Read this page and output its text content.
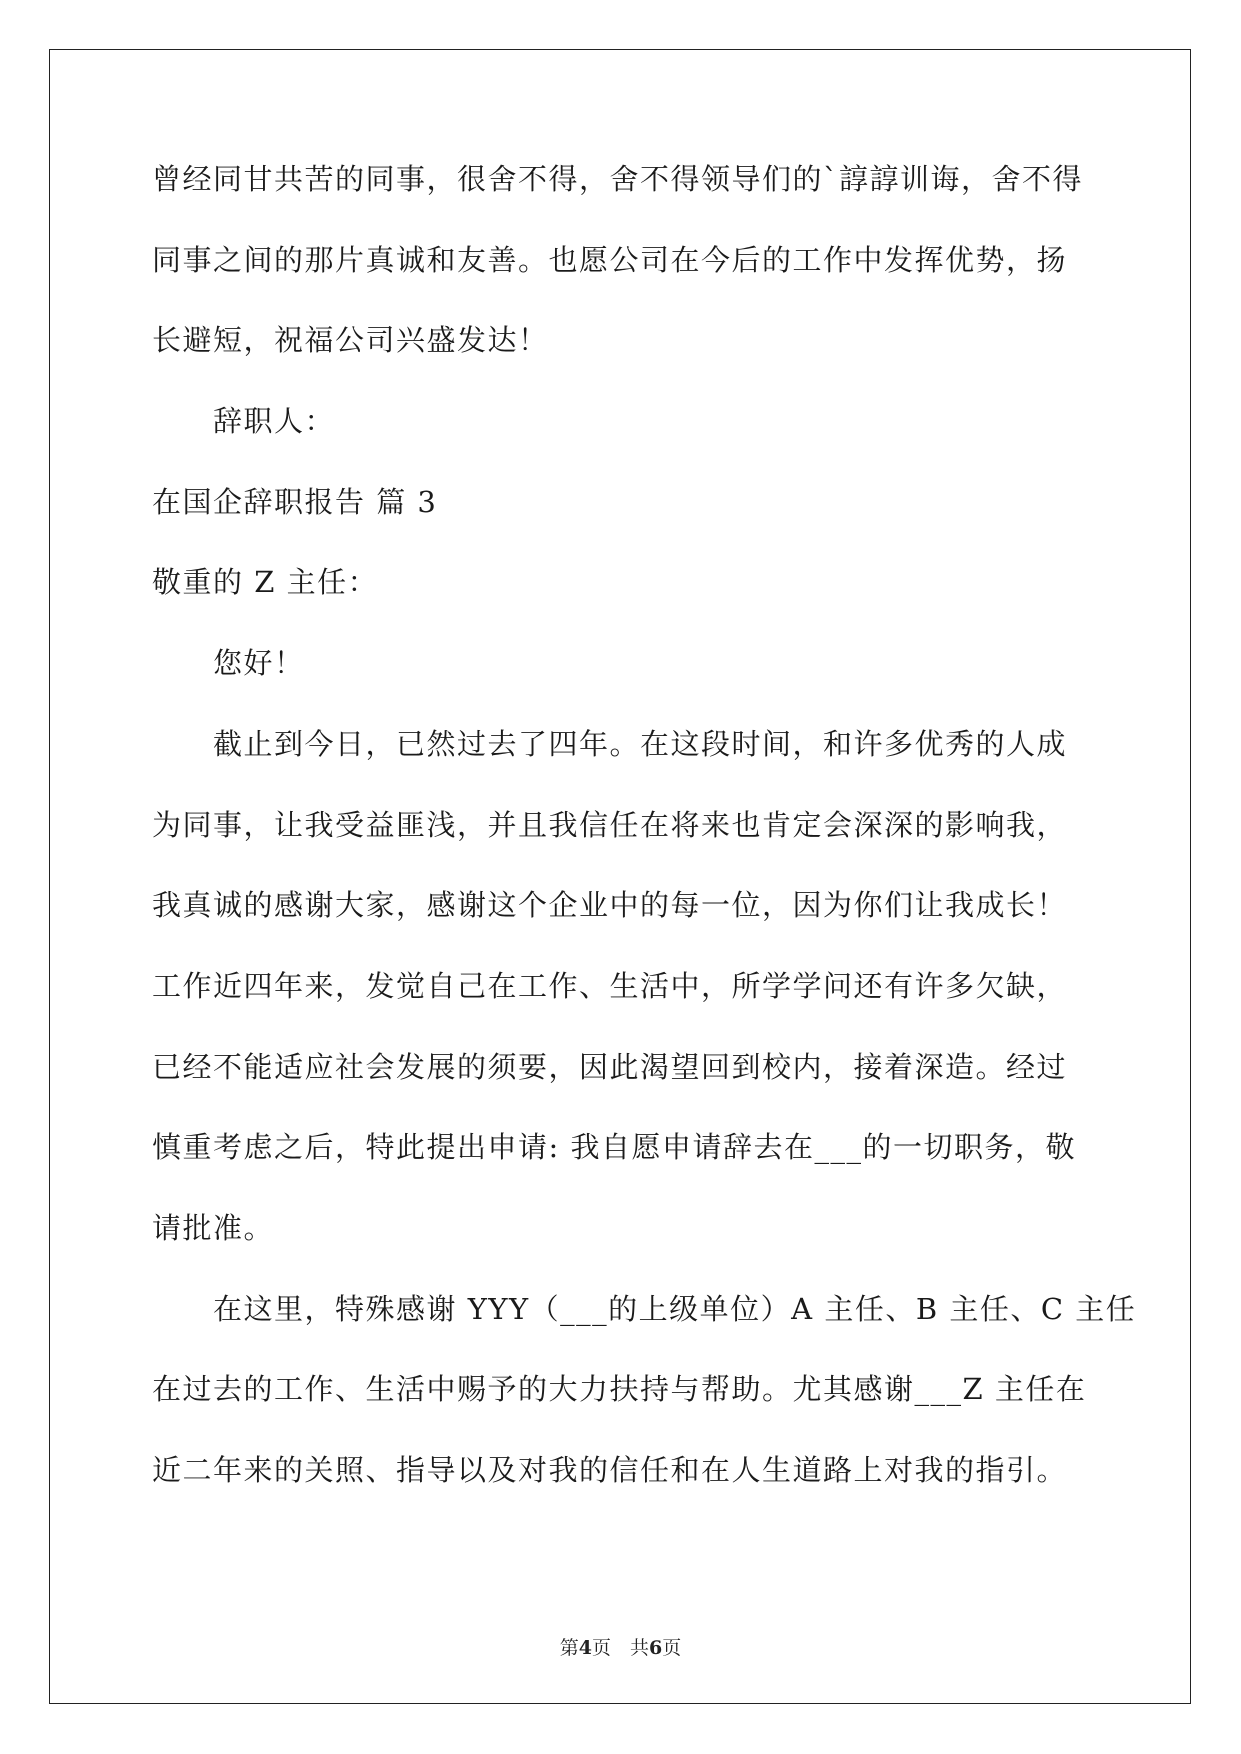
曾经同甘共苦的同事，很舍不得，舍不得领导们的`諄諄训诲，舍不得
同事之间的那片真诚和友善。也愿公司在今后的工作中发挥优势，扬
长避短，祝福公司兴盛发达！
辞职人：
在国企辞职报告 篇 3
敬重的 Z 主任：
您好！
截止到今日，已然过去了四年。在这段时间，和许多优秀的人成
为同事，让我受益匪浅，并且我信任在将来也肯定会深深的影响我，
我真诚的感谢大家，感谢这个企业中的每一位，因为你们让我成长！
工作近四年来，发觉自己在工作、生活中，所学学问还有许多欠缺，
已经不能适应社会发展的须要，因此渴望回到校内，接着深造。经过
慎重考虑之后，特此提出申请: 我自愿申请辞去在___的一切职务，敬
请批准。
在这里，特殊感谢 YYY（___的上级单位）A 主任、B 主任、C 主任
在过去的工作、生活中赐予的大力扶持与帮助。尤其感谢___Z 主任在
近二年来的关照、指导以及对我的信任和在人生道路上对我的指引。
第4页　共6页
